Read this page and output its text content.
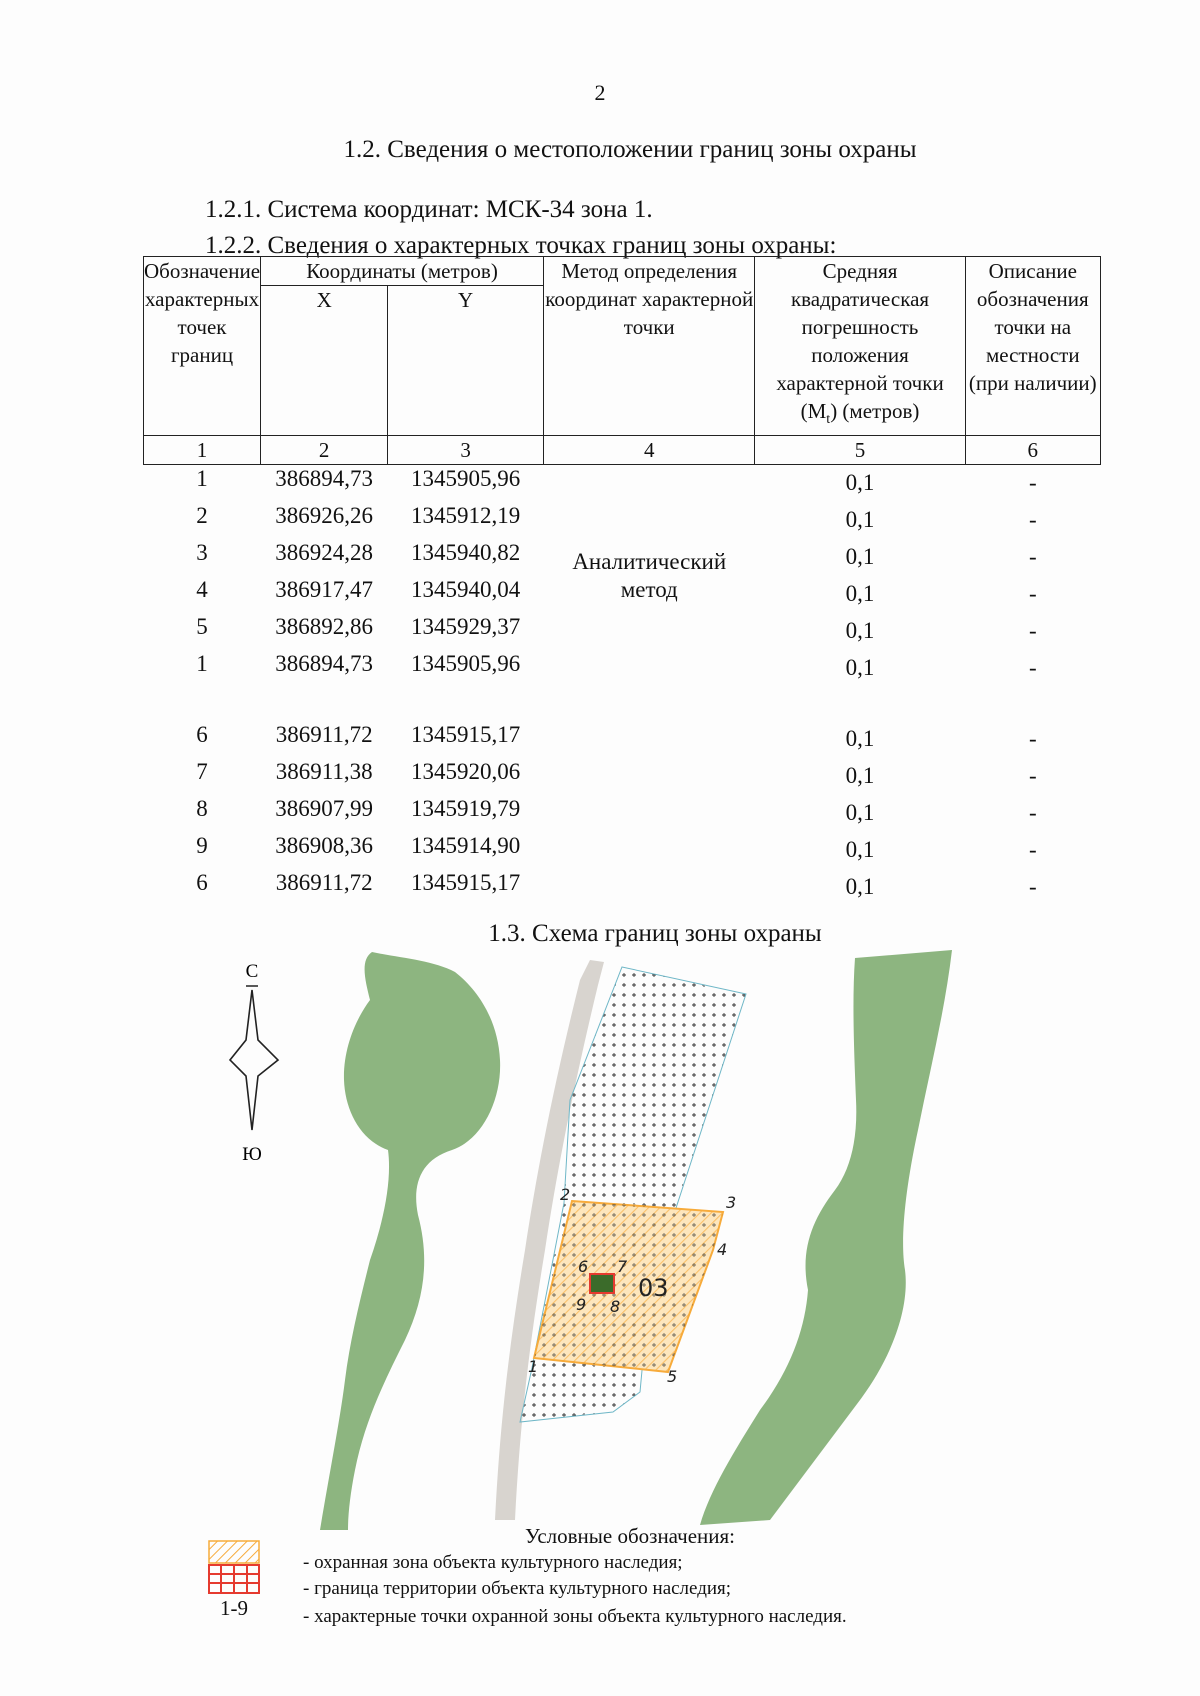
2
1.2. Сведения о местоположении границ зоны охраны
1.2.1. Система координат: МСК-34 зона 1.
1.2.2. Сведения о характерных точках границ зоны охраны:
Обозначение характерных точек границ	Координаты (метров)		Метод определения координат характерной точки	Средняя квадратическая погрешность положения характерной точки $(M_t)$ (метров)	Описание обозначения точки на местности (при наличии)
	X	Y			
1	2	3	4	5	6
1	386894,73	1345905,96	Аналитический метод	0,1	-
2	386926,26	1345912,19		0,1	-
3	386924,28	1345940,82		0,1	-
4	386917,47	1345940,04		0,1	-
5	386892,86	1345929,37		0,1	-
1	386894,73	1345905,96		0,1	-

6	386911,72	1345915,17		0,1	-
7	386911,38	1345920,06		0,1	-
8	386907,99	1345919,79		0,1	-
9	386908,36	1345914,90		0,1	-
6	386911,72	1345915,17		0,1	-
1.3. Схема границ зоны охраны
1
2	3
4
5
6 7
8
9
03
С
Ю
1-9
Условные обозначения:
- охранная зона объекта культурного наследия;
- граница территории объекта культурного наследия;
- характерные точки охранной зоны объекта культурного наследия.
